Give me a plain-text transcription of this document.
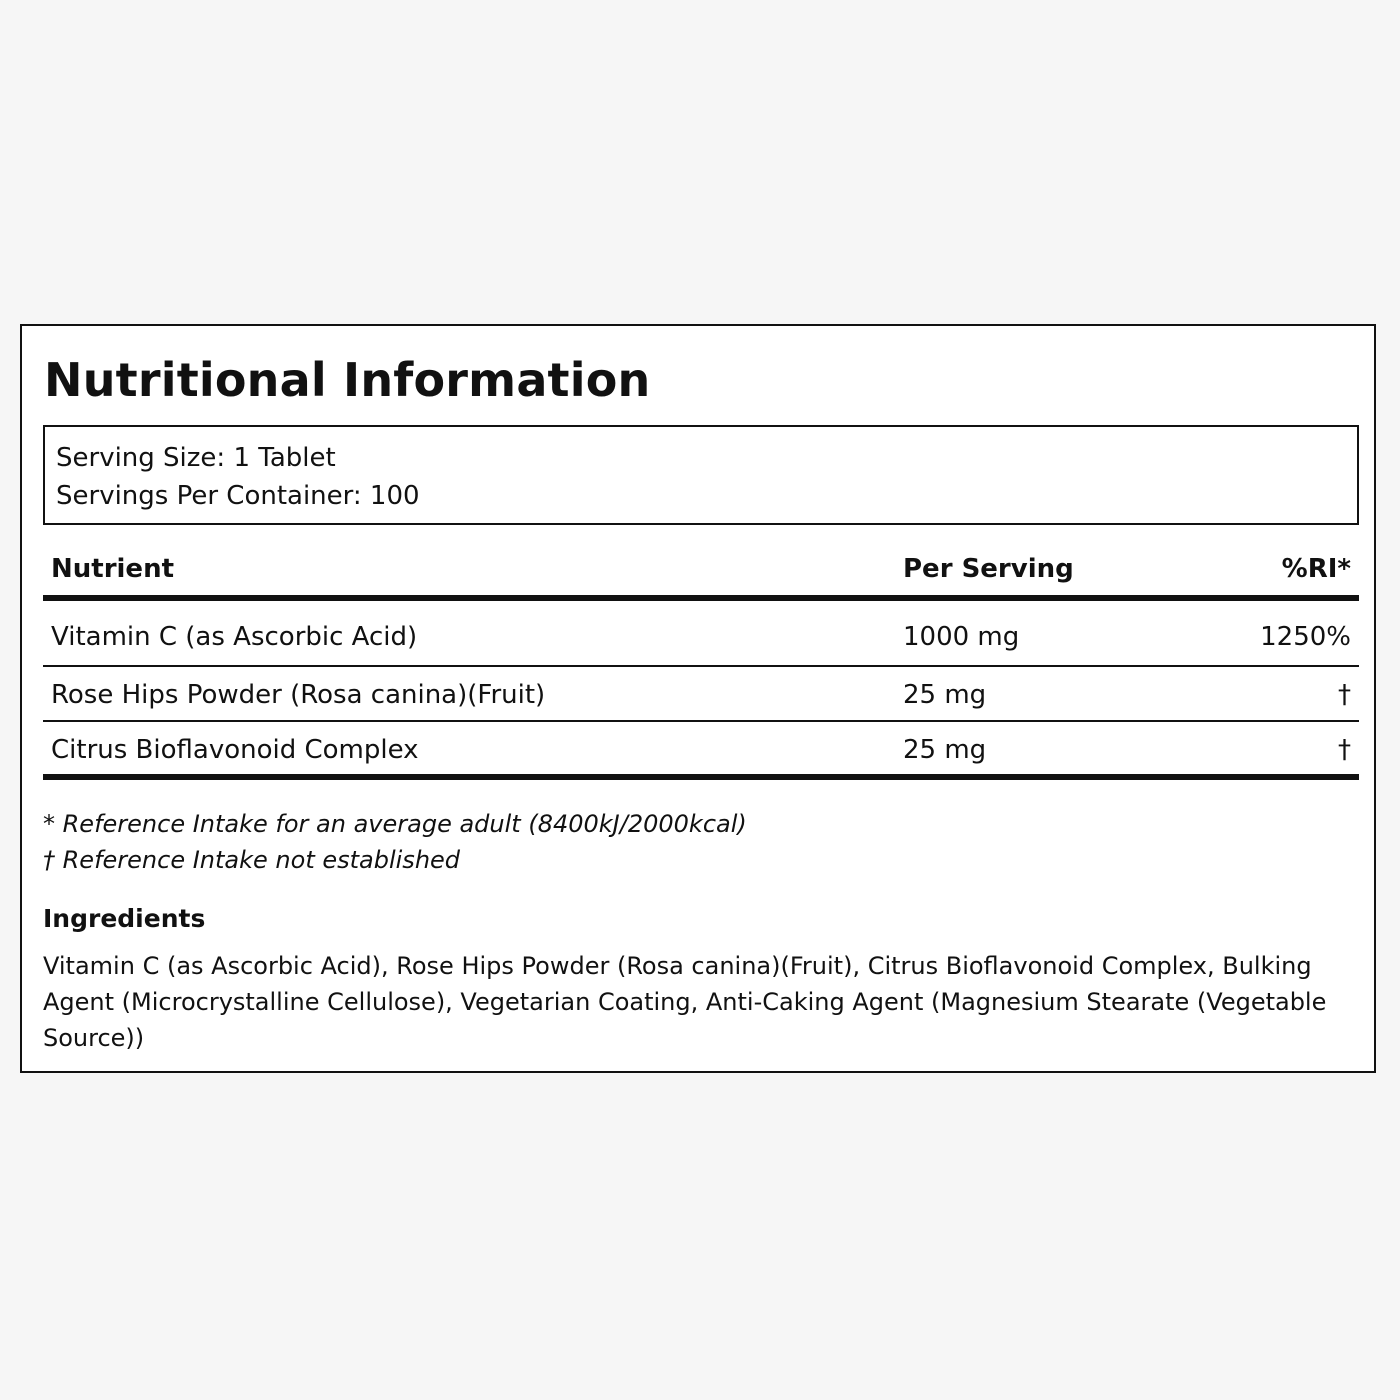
Nutritional Information
Serving Size: 1 Tablet
Servings Per Container: 100
Nutrient	Per Serving	%RI*
Vitamin C (as Ascorbic Acid)	1000 mg	1250%
Rose Hips Powder (Rosa canina)(Fruit)	25 mg	†
Citrus Bioflavonoid Complex	25 mg	†
* Reference Intake for an average adult (8400kJ/2000kcal)
† Reference Intake not established
Ingredients

Vitamin C (as Ascorbic Acid), Rose Hips Powder (Rosa canina)(Fruit), Citrus Bioflavonoid Complex, Bulking Agent (Microcrystalline Cellulose), Vegetarian Coating, Anti-Caking Agent (Magnesium Stearate (Vegetable Source))
